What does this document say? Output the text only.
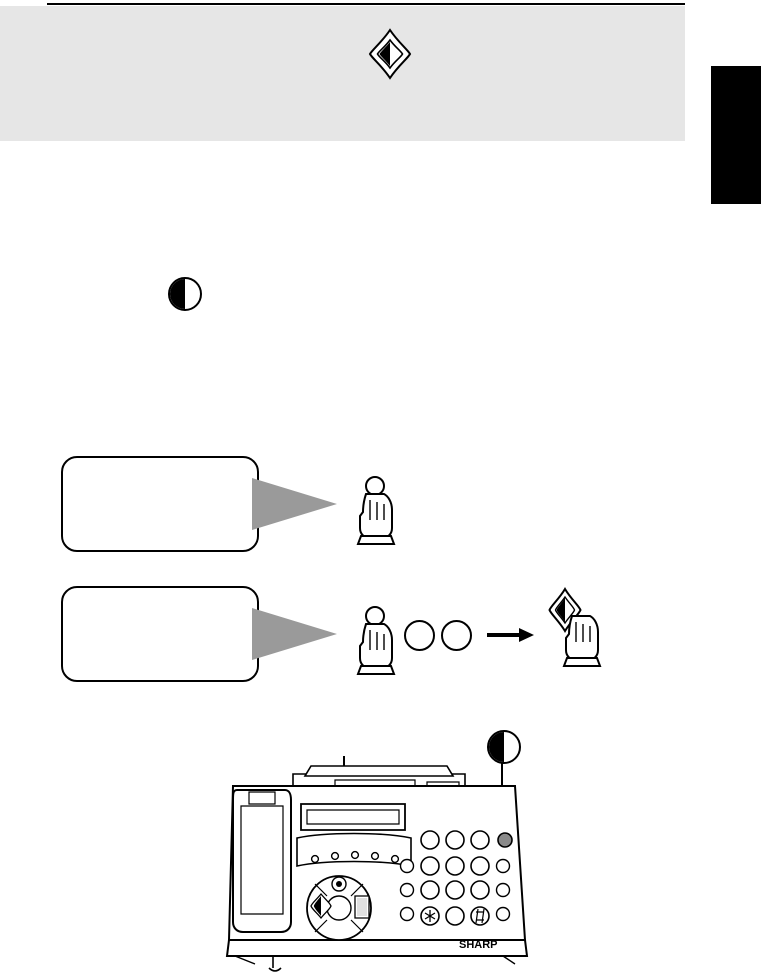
SHARP
